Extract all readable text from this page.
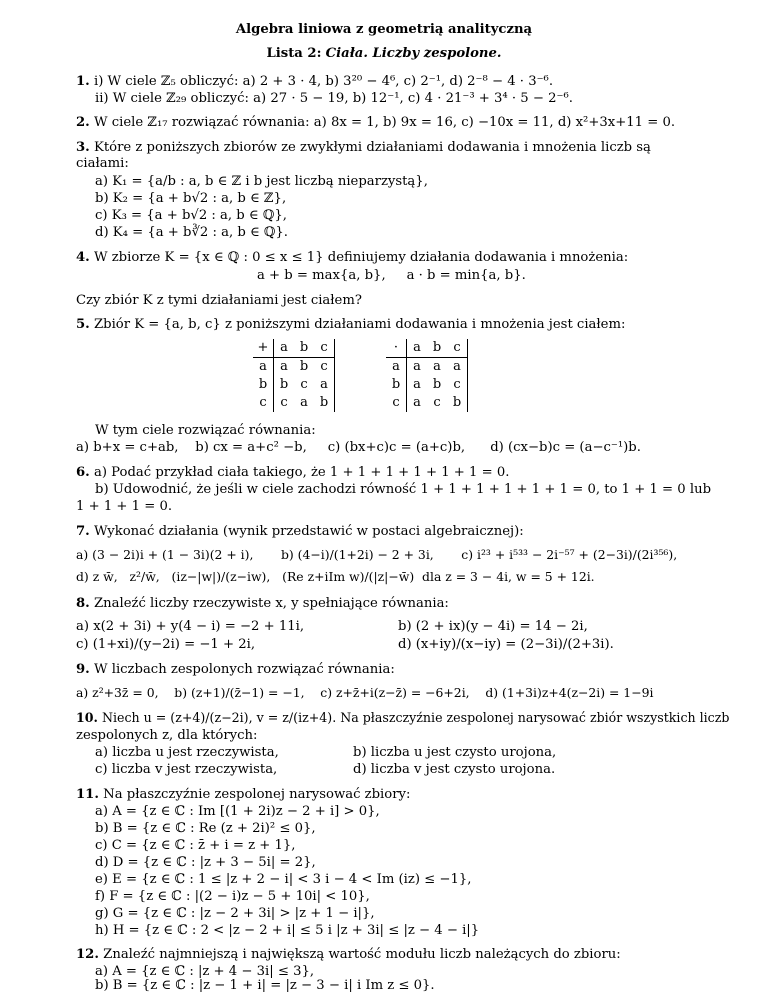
Algebra liniowa z geometrią analityczną
Lista 2: Ciała. Liczby zespolone.
1. i) W ciele ℤ₅ obliczyć: a) 2 + 3 · 4, b) 3²⁰ − 4⁶, c) 2⁻¹, d) 2⁻⁸ − 4 · 3⁻⁶.
ii) W ciele ℤ₂₉ obliczyć: a) 27 · 5 − 19, b) 12⁻¹, c) 4 · 21⁻³ + 3⁴ · 5 − 2⁻⁶.
2. W ciele ℤ₁₇ rozwiązać równania: a) 8x = 1, b) 9x = 16, c) −10x = 11, d) x²+3x+11 = 0.
3. Które z poniższych zbiorów ze zwykłymi działaniami dodawania i mnożenia liczb są
ciałami:
a) K₁ = {a/b : a, b ∈ ℤ i b jest liczbą nieparzystą},
b) K₂ = {a + b√2 : a, b ∈ ℤ},
c) K₃ = {a + b√2 : a, b ∈ ℚ},
d) K₄ = {a + b∛2 : a, b ∈ ℚ}.
4. W zbiorze K = {x ∈ ℚ : 0 ≤ x ≤ 1} definiujemy działania dodawania i mnożenia:
a + b = max{a, b},     a · b = min{a, b}.
Czy zbiór K z tymi działaniami jest ciałem?
5. Zbiór K = {a, b, c} z poniższymi działaniami dodawania i mnożenia jest ciałem:
+	a	b	c
a	a	b	c
b	b	c	a
c	c	a	b
·	a	b	c
a	a	a	a
b	a	b	c
c	a	c	b
W tym ciele rozwiązać równania:
a) b+x = c+ab,    b) cx = a+c² −b,     c) (bx+c)c = (a+c)b,      d) (cx−b)c = (a−c⁻¹)b.
6. a) Podać przykład ciała takiego, że 1 + 1 + 1 + 1 + 1 + 1 = 0.
b) Udowodnić, że jeśli w ciele zachodzi równość 1 + 1 + 1 + 1 + 1 + 1 = 0, to 1 + 1 = 0 lub
1 + 1 + 1 = 0.
7. Wykonać działania (wynik przedstawić w postaci algebraicznej):
a) (3 − 2i)i + (1 − 3i)(2 + i),       b) (4−i)/(1+2i) − 2 + 3i,       c) i²³ + i⁵³³ − 2i⁻⁵⁷ + (2−3i)/(2i³⁵⁶),
d) z w̄,   z²/w̄,   (iz−|w|)/(z−iw),   (Re z+iIm w)/(|z|−w̄)  dla z = 3 − 4i, w = 5 + 12i.
8. Znaleźć liczby rzeczywiste x, y spełniające równania:
a) x(2 + 3i) + y(4 − i) = −2 + 11i,	b) (2 + ix)(y − 4i) = 14 − 2i,
c) (1+xi)/(y−2i) = −1 + 2i,	d) (x+iy)/(x−iy) = (2−3i)/(2+3i).
9. W liczbach zespolonych rozwiązać równania:
a) z²+3z̄ = 0,    b) (z+1)/(z̄−1) = −1,    c) z+z̄+i(z−z̄) = −6+2i,    d) (1+3i)z+4(z−2i) = 1−9i
10. Niech u = (z+4)/(z−2i), v = z/(iz+4). Na płaszczyźnie zespolonej narysować zbiór wszystkich liczb
zespolonych z, dla których:
a) liczba u jest rzeczywista,	b) liczba u jest czysto urojona,
c) liczba v jest rzeczywista,	d) liczba v jest czysto urojona.
11. Na płaszczyźnie zespolonej narysować zbiory:
a) A = {z ∈ ℂ : Im [(1 + 2i)z − 2 + i] > 0},
b) B = {z ∈ ℂ : Re (z + 2i)² ≤ 0},
c) C = {z ∈ ℂ : z̄ + i = z + 1},
d) D = {z ∈ ℂ : |z + 3 − 5i| = 2},
e) E = {z ∈ ℂ : 1 ≤ |z + 2 − i| < 3 i − 4 < Im (iz) ≤ −1},
f) F = {z ∈ ℂ : |(2 − i)z − 5 + 10i| < 10},
g) G = {z ∈ ℂ : |z − 2 + 3i| > |z + 1 − i|},
h) H = {z ∈ ℂ : 2 < |z − 2 + i| ≤ 5 i |z + 3i| ≤ |z − 4 − i|}
12. Znaleźć najmniejszą i największą wartość modułu liczb należących do zbioru:
a) A = {z ∈ ℂ : |z + 4 − 3i| ≤ 3},
b) B = {z ∈ ℂ : |z − 1 + i| = |z − 3 − i| i Im z ≤ 0}.
